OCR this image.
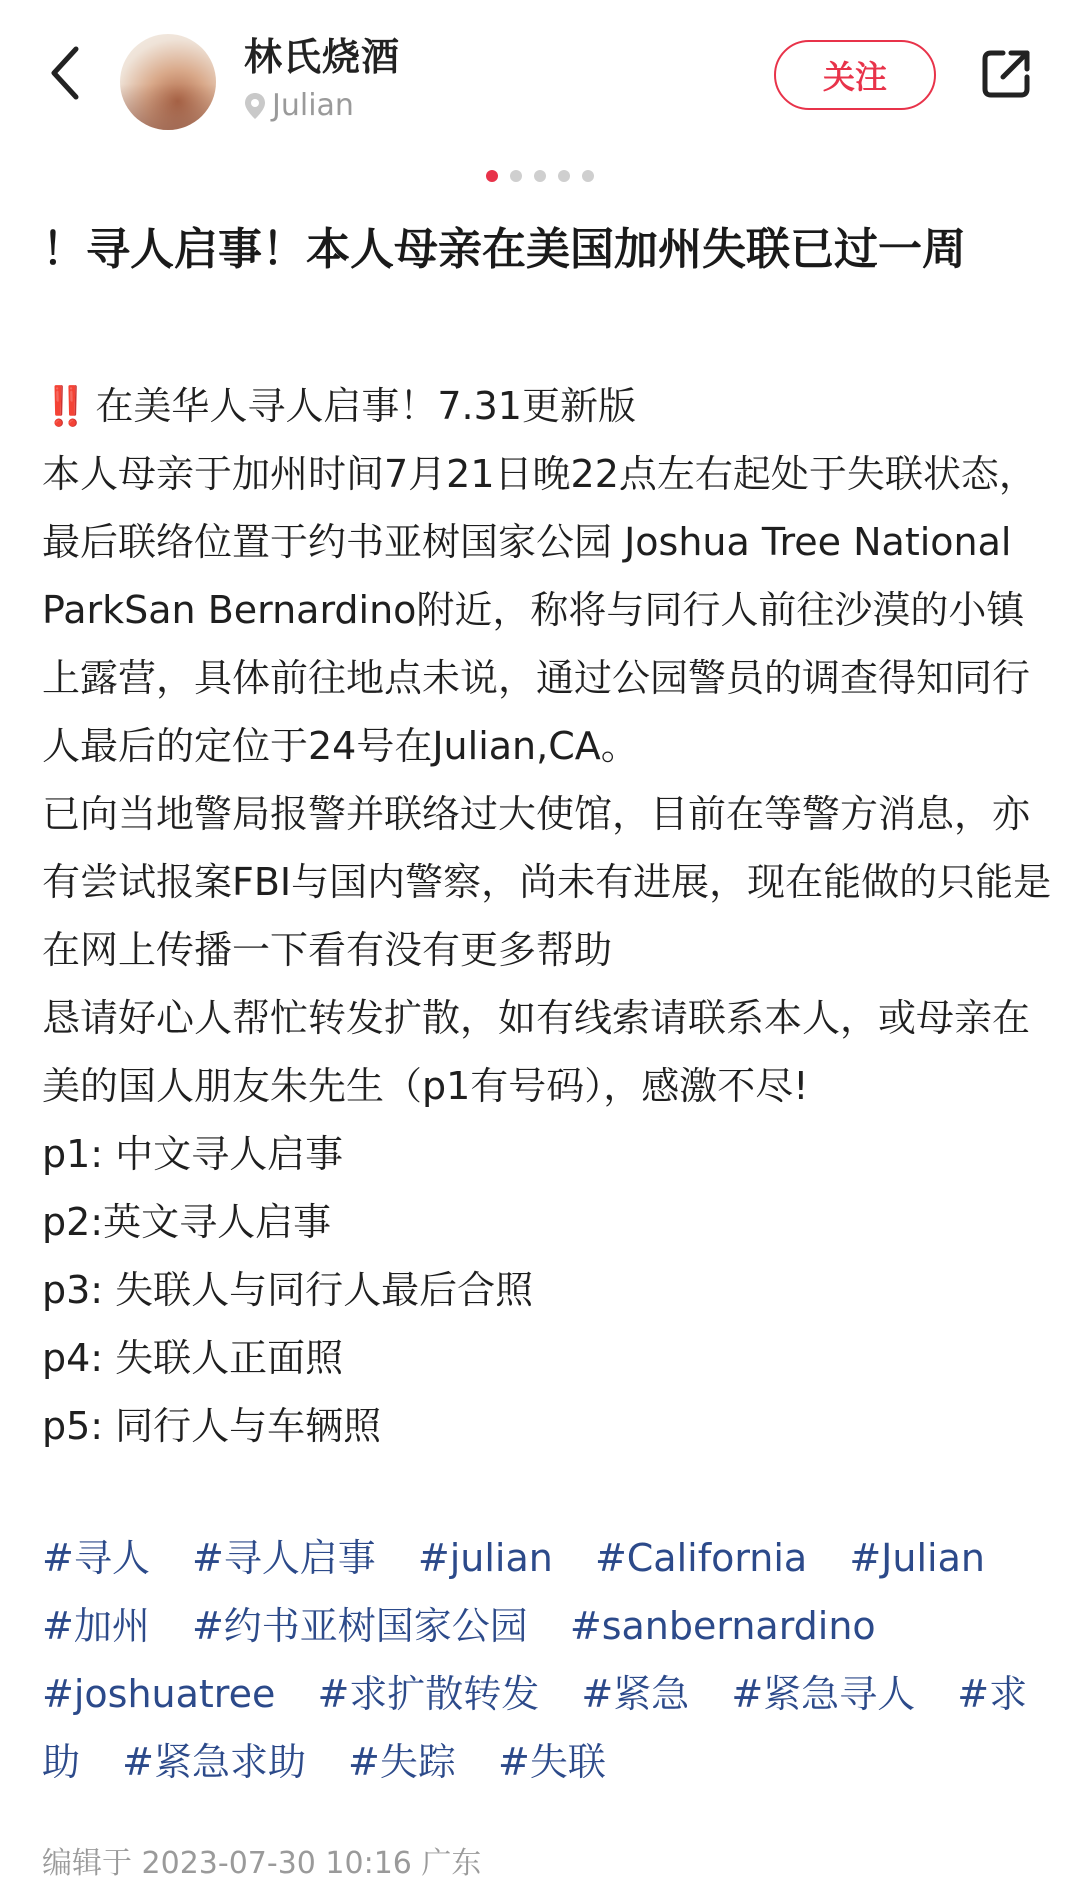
林氏烧酒
Julian
关注
！寻人启事！本人母亲在美国加州失联已过一周

‼️ 在美华人寻人启事！7.31更新版

本人母亲于加州时间7月21日晚22点左右起处于失联状态，最后联络位置于约书亚树国家公园 Joshua Tree National ParkSan Bernardino附近，称将与同行人前往沙漠的小镇上露营，具体前往地点未说，通过公园警员的调查得知同行人最后的定位于24号在Julian,CA。

已向当地警局报警并联络过大使馆，目前在等警方消息，亦有尝试报案FBI与国内警察，尚未有进展，现在能做的只能是在网上传播一下看有没有更多帮助

恳请好心人帮忙转发扩散，如有线索请联系本人，或母亲在美的国人朋友朱先生（p1有号码），感激不尽!

p1: 中文寻人启事

p2:英文寻人启事

p3: 失联人与同行人最后合照

p4: 失联人正面照

p5: 同行人与车辆照

#寻人 #寻人启事 #julian #California #Julian #加州 #约书亚树国家公园 #sanbernardino #joshuatree #求扩散转发 #紧急 #紧急寻人 #求助 #紧急求助 #失踪 #失联
编辑于 2023-07-30 10:16 广东
